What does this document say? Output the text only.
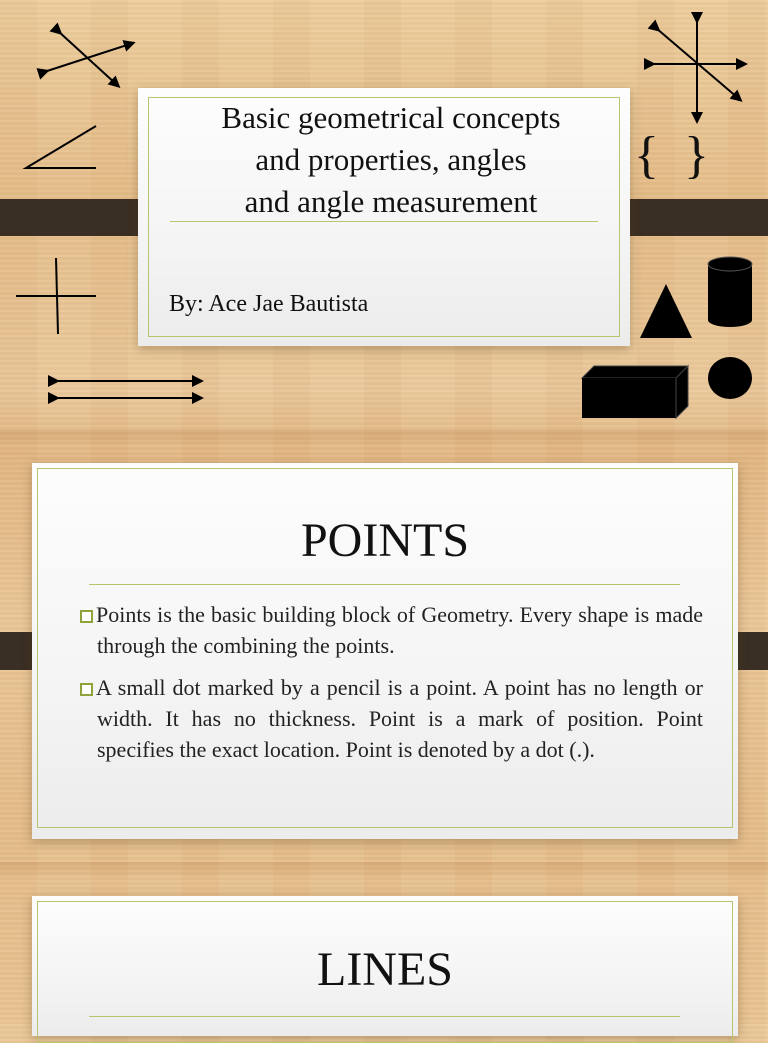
{ }
Basic geometrical concepts
and properties, angles
and angle measurement
By: Ace Jae Bautista
POINTS
Points is the basic building block of Geometry. Every shape is made through the combining the points.
A small dot marked by a pencil is a point. A point has no length or width. It has no thickness. Point is a mark of position. Point specifies the exact location. Point is denoted by a dot (.).
LINES
